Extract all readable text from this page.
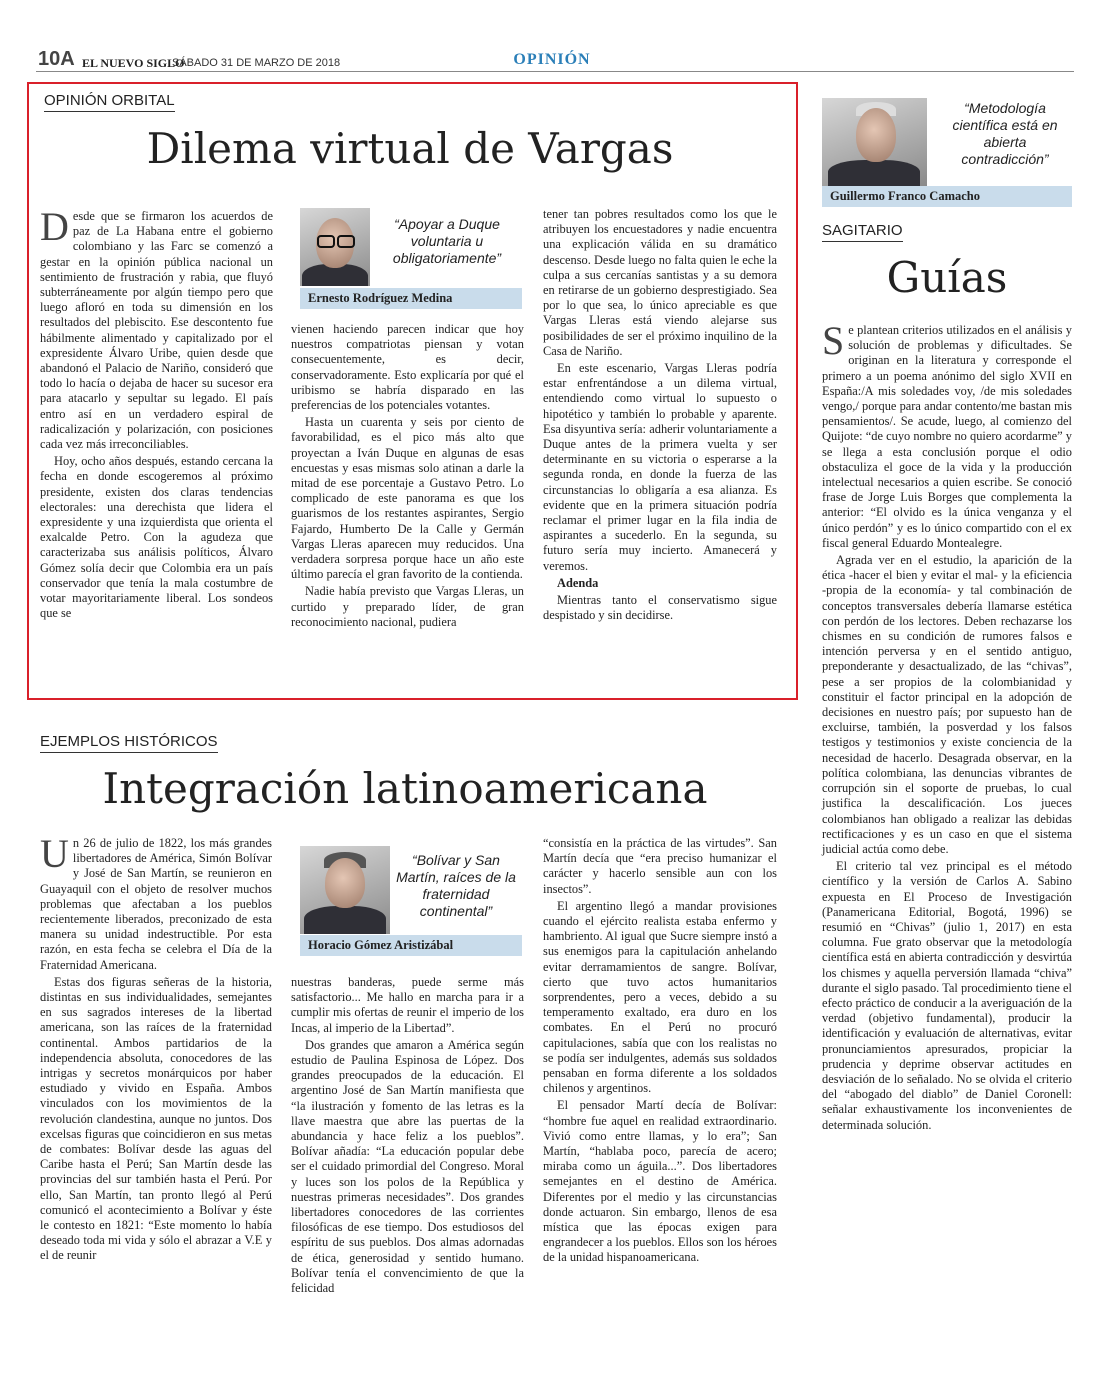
10A EL NUEVO SIGLO
SÁBADO 31 DE MARZO DE 2018	OPINIÓN
OPINIÓN ORBITAL
Dilema virtual de Vargas

Desde que se firmaron los acuerdos de paz de La Habana entre el gobierno colombiano y las Farc se comenzó a gestar en la opinión pública nacional un sentimiento de frustración y rabia, que fluyó subterráneamente por algún tiempo pero que luego afloró en toda su dimensión en los resultados del plebiscito. Ese descontento fue hábilmente alimentado y capitalizado por el expresidente Álvaro Uribe, quien desde que abandonó el Palacio de Nariño, consideró que todo lo hacía o dejaba de hacer su sucesor era para atacarlo y sepultar su legado. El país entro así en un verdadero espiral de radicalización y polarización, con posiciones cada vez más irreconciliables.

Hoy, ocho años después, estando cercana la fecha en donde escogeremos al próximo presidente, existen dos claras tendencias electorales: una derechista que lidera el expresidente y una izquierdista que orienta el exalcalde Petro. Con la agudeza que caracterizaba sus análisis políticos, Álvaro Gómez solía decir que Colombia era un país conservador que tenía la mala costumbre de votar mayoritariamente liberal. Los sondeos que se

“Apoyar a Duque voluntaria u obligatoriamente”
Ernesto Rodríguez Medina

vienen haciendo parecen indicar que hoy nuestros compatriotas piensan y votan consecuentemente, es decir, conservadoramente. Esto explicaría por qué el uribismo se habría disparado en las preferencias de los potenciales votantes.

Hasta un cuarenta y seis por ciento de favorabilidad, es el pico más alto que proyectan a Iván Duque en algunas de esas encuestas y esas mismas solo atinan a darle la mitad de ese porcentaje a Gustavo Petro. Lo complicado de este panorama es que los guarismos de los restantes aspirantes, Sergio Fajardo, Humberto De la Calle y Germán Vargas Lleras aparecen muy reducidos. Una verdadera sorpresa porque hace un año este último parecía el gran favorito de la contienda.

Nadie había previsto que Vargas Lleras, un curtido y preparado líder, de gran reconocimiento nacional, pudiera

tener tan pobres resultados como los que le atribuyen los encuestadores y nadie encuentra una explicación válida en su dramático descenso. Desde luego no falta quien le eche la culpa a sus cercanías santistas y a su demora en retirarse de un gobierno desprestigiado. Sea por lo que sea, lo único apreciable es que Vargas Lleras está viendo alejarse sus posibilidades de ser el próximo inquilino de la Casa de Nariño.

En este escenario, Vargas Lleras podría estar enfrentándose a un dilema virtual, entendiendo como virtual lo supuesto o hipotético y también lo probable y aparente. Esa disyuntiva sería: adherir voluntariamente a Duque antes de la primera vuelta y ser determinante en su victoria o esperarse a la segunda ronda, en donde la fuerza de las circunstancias lo obligaría a esa alianza. Es evidente que en la primera situación podría reclamar el primer lugar en la fila india de aspirantes a sucederlo. En la segunda, su futuro sería muy incierto. Amanecerá y veremos.

Adenda

Mientras tanto el conservatismo sigue despistado y sin decidirse.

EJEMPLOS HISTÓRICOS
Integración latinoamericana

Un 26 de julio de 1822, los más grandes libertadores de América, Simón Bolívar y José de San Martín, se reunieron en Guayaquil con el objeto de resolver muchos problemas que afectaban a los pueblos recientemente liberados, preconizado de esta manera su unidad indestructible. Por esta razón, en esta fecha se celebra el Día de la Fraternidad Americana.

Estas dos figuras señeras de la historia, distintas en sus individualidades, semejantes en sus sagrados intereses de la libertad americana, son las raíces de la fraternidad continental. Ambos partidarios de la independencia absoluta, conocedores de las intrigas y secretos monárquicos por haber estudiado y vivido en España. Ambos vinculados con los movimientos de la revolución clandestina, aunque no juntos. Dos excelsas figuras que coincidieron en sus metas de combates: Bolívar desde las aguas del Caribe hasta el Perú; San Martín desde las provincias del sur también hasta el Perú. Por ello, San Martín, tan pronto llegó al Perú comunicó el acontecimiento a Bolívar y éste le contesto en 1821: “Este momento lo había deseado toda mi vida y sólo el abrazar a V.E y el de reunir

“Bolívar y San Martín, raíces de la fraternidad continental”
Horacio Gómez Aristizábal

nuestras banderas, puede serme más satisfactorio... Me hallo en marcha para ir a cumplir mis ofertas de reunir el imperio de los Incas, al imperio de la Libertad”.

Dos grandes que amaron a América según estudio de Paulina Espinosa de López. Dos grandes preocupados de la educación. El argentino José de San Martín manifiesta que “la ilustración y fomento de las letras es la llave maestra que abre las puertas de la abundancia y hace feliz a los pueblos”. Bolívar añadía: “La educación popular debe ser el cuidado primordial del Congreso. Moral y luces son los polos de la República y nuestras primeras necesidades”. Dos grandes libertadores conocedores de las corrientes filosóficas de ese tiempo. Dos estudiosos del espíritu de sus pueblos. Dos almas adornadas de ética, generosidad y sentido humano. Bolívar tenía el convencimiento de que la felicidad

“consistía en la práctica de las virtudes”. San Martín decía que “era preciso humanizar el carácter y hacerlo sensible aun con los insectos”.

El argentino llegó a mandar provisiones cuando el ejército realista estaba enfermo y hambriento. Al igual que Sucre siempre instó a sus enemigos para la capitulación anhelando evitar derramamientos de sangre. Bolívar, cierto que tuvo actos humanitarios sorprendentes, pero a veces, debido a su temperamento exaltado, era duro en los combates. En el Perú no procuró capitulaciones, sabía que con los realistas no se podía ser indulgentes, además sus soldados pensaban en forma diferente a los soldados chilenos y argentinos.

El pensador Martí decía de Bolívar: “hombre fue aquel en realidad extraordinario. Vivió como entre llamas, y lo era”; San Martín, “hablaba poco, parecía de acero; miraba como un águila...”. Dos libertadores semejantes en el destino de América. Diferentes por el medio y las circunstancias donde actuaron. Sin embargo, llenos de esa mística que las épocas exigen para engrandecer a los pueblos. Ellos son los héroes de la unidad hispanoamericana.

“Metodología científica está en abierta contradicción”
Guillermo Franco Camacho
SAGITARIO
Guías

Se plantean criterios utilizados en el análisis y solución de problemas y dificultades. Se originan en la literatura y corresponde el primero a un poema anónimo del siglo XVII en España:/A mis soledades voy, /de mis soledades vengo,/ porque para andar contento/me bastan mis pensamientos/. Se acude, luego, al comienzo del Quijote: “de cuyo nombre no quiero acordarme” y se llega a esta conclusión porque el odio obstaculiza el goce de la vida y la producción intelectual necesarios a quien escribe. Se conoció frase de Jorge Luis Borges que complementa la anterior: “El olvido es la única venganza y el único perdón” y es lo único compartido con el ex fiscal general Eduardo Montealegre.

Agrada ver en el estudio, la aparición de la ética -hacer el bien y evitar el mal- y la eficiencia -propia de la economía- y tal combinación de conceptos transversales debería llamarse estética con perdón de los lectores. Deben rechazarse los chismes en su condición de rumores falsos e intención perversa y en el sentido antiguo, preponderante y desactualizado, de las “chivas”, pese a ser propios de la colombianidad y constituir el factor principal en la adopción de decisiones en nuestro país; por supuesto han de excluirse, también, la posverdad y los falsos testigos y testimonios y existe conciencia de la necesidad de hacerlo. Desagrada observar, en la política colombiana, las denuncias vibrantes de corrupción sin el soporte de pruebas, lo cual justifica la descalificación. Los jueces colombianos han obligado a realizar las debidas rectificaciones y es un caso en que el sistema judicial actúa como debe.

El criterio tal vez principal es el método científico y la versión de Carlos A. Sabino expuesta en El Proceso de Investigación (Panamericana Editorial, Bogotá, 1996) se resumió en “Chivas” (julio 1, 2017) en esta columna. Fue grato observar que la metodología científica está en abierta contradicción y desvirtúa los chismes y aquella perversión llamada “chiva” durante el siglo pasado. Tal procedimiento tiene el efecto práctico de conducir a la averiguación de la verdad (objetivo fundamental), producir la identificación y evaluación de alternativas, evitar pronunciamientos apresurados, propiciar la prudencia y deprime observar actitudes en desviación de lo señalado. No se olvida el criterio del “abogado del diablo” de Daniel Coronell: señalar exhaustivamente los inconvenientes de determinada solución.
